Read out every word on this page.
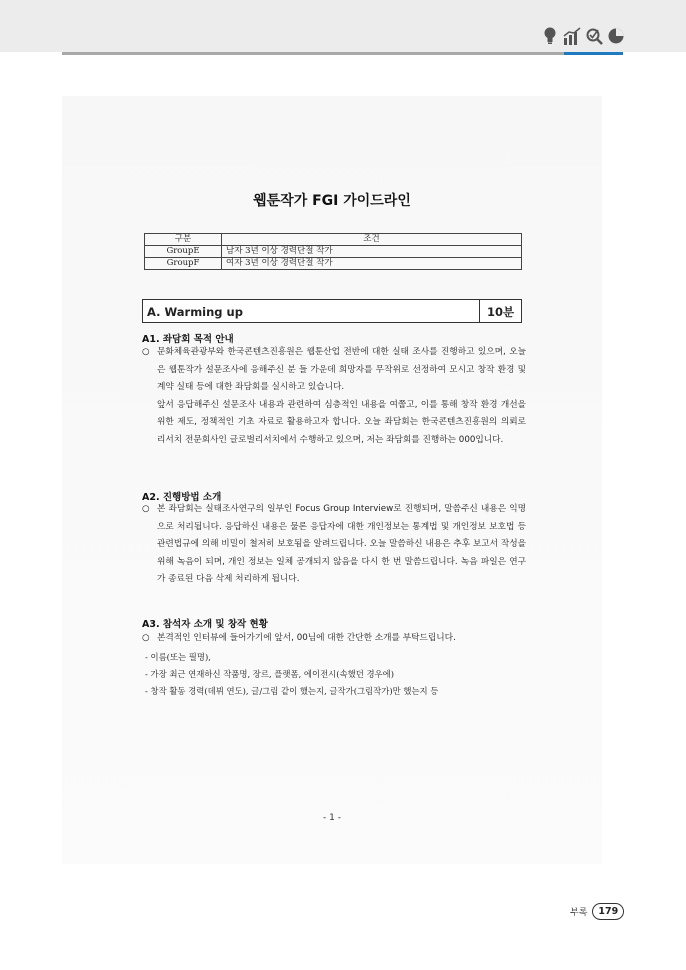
웹툰작가 FGI 가이드라인
구분	조건
GroupE	남자 3년 이상 경력단절 작가
GroupF	여자 3년 이상 경력단절 작가
A. Warming up	10분
A1. 좌담회 목적 안내

○ 문화체육관광부와 한국콘텐츠진흥원은 웹툰산업 전반에 대한 실태 조사를 진행하고 있으며, 오늘은 웹툰작가 설문조사에 응해주신 분 들 가운데 희망자를 무작위로 선정하여 모시고 창작 환경 및 계약 실태 등에 대한 좌담회를 실시하고 있습니다.

앞서 응답해주신 설문조사 내용과 관련하여 심층적인 내용을 여쭙고, 이를 통해 창작 환경 개선을 위한 제도, 정책적인 기초 자료로 활용하고자 합니다. 오늘 좌담회는 한국콘텐츠진흥원의 의뢰로 리서치 전문회사인 글로벌리서치에서 수행하고 있으며, 저는 좌담회를 진행하는 000입니다.

A2. 진행방법 소개

○ 본 좌담회는 실태조사연구의 일부인 Focus Group Interview로 진행되며, 말씀주신 내용은 익명으로 처리됩니다. 응답하신 내용은 물론 응답자에 대한 개인정보는 통계법 및 개인정보 보호법 등 관련법규에 의해 비밀이 철저히 보호됨을 알려드립니다. 오늘 말씀하신 내용은 추후 보고서 작성을 위해 녹음이 되며, 개인 정보는 일체 공개되지 않음을 다시 한 번 말씀드립니다. 녹음 파일은 연구가 종료된 다음 삭제 처리하게 됩니다.

A3. 참석자 소개 및 창작 현황

○ 본격적인 인터뷰에 들어가기에 앞서, 00님에 대한 간단한 소개를 부탁드립니다.

- 이름(또는 필명),
- 가장 최근 연재하신 작품명, 장르, 플랫폼, 에이전시(속했던 경우에)
- 창작 활동 경력(데뷔 연도), 글/그림 같이 했는지, 글작가(그림작가)만 했는지 등
- 1 -
부록	179
